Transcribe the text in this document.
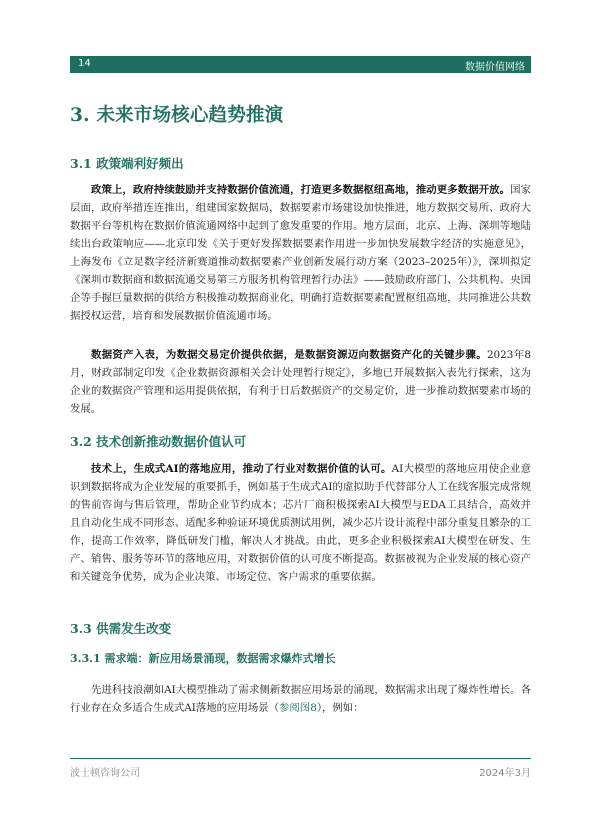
14	数据价值网络
3. 未来市场核心趋势推演
3.1 政策端利好频出

政策上，政府持续鼓励并支持数据价值流通，打造更多数据枢纽高地，推动更多数据开放。国家层面，政府举措连连推出，组建国家数据局，数据要素市场建设加快推进，地方数据交易所、政府大数据平台等机构在数据价值流通网络中起到了愈发重要的作用。地方层面，北京、上海、深圳等地陆续出台政策响应——北京印发《关于更好发挥数据要素作用进一步加快发展数字经济的实施意见》，上海发布《立足数字经济新赛道推动数据要素产业创新发展行动方案（2023–2025年）》，深圳拟定《深圳市数据商和数据流通交易第三方服务机构管理暂行办法》——鼓励政府部门、公共机构、央国企等手握巨量数据的供给方积极推动数据商业化，明确打造数据要素配置枢纽高地，共同推进公共数据授权运营，培育和发展数据价值流通市场。

数据资产入表，为数据交易定价提供依据，是数据资源迈向数据资产化的关键步骤。2023年8月，财政部制定印发《企业数据资源相关会计处理暂行规定》，多地已开展数据入表先行探索，这为企业的数据资产管理和运用提供依据，有利于日后数据资产的交易定价，进一步推动数据要素市场的发展。

3.2 技术创新推动数据价值认可

技术上，生成式AI的落地应用，推动了行业对数据价值的认可。AI大模型的落地应用使企业意识到数据将成为企业发展的重要抓手，例如基于生成式AI的虚拟助手代替部分人工在线客服完成常规的售前咨询与售后管理，帮助企业节约成本；芯片厂商积极探索AI大模型与EDA工具结合，高效并且自动化生成不同形态、适配多种验证环境优质测试用例，减少芯片设计流程中部分重复且繁杂的工作，提高工作效率，降低研发门槛，解决人才挑战。由此，更多企业积极探索AI大模型在研发、生产、销售、服务等环节的落地应用，对数据价值的认可度不断提高。数据被视为企业发展的核心资产和关键竞争优势，成为企业决策、市场定位、客户需求的重要依据。

3.3 供需发生改变
3.3.1 需求端：新应用场景涌现，数据需求爆炸式增长

先进科技浪潮如AI大模型推动了需求侧新数据应用场景的涌现，数据需求出现了爆炸性增长。各行业存在众多适合生成式AI落地的应用场景（参阅图8），例如：

波士顿咨询公司	2024年3月
